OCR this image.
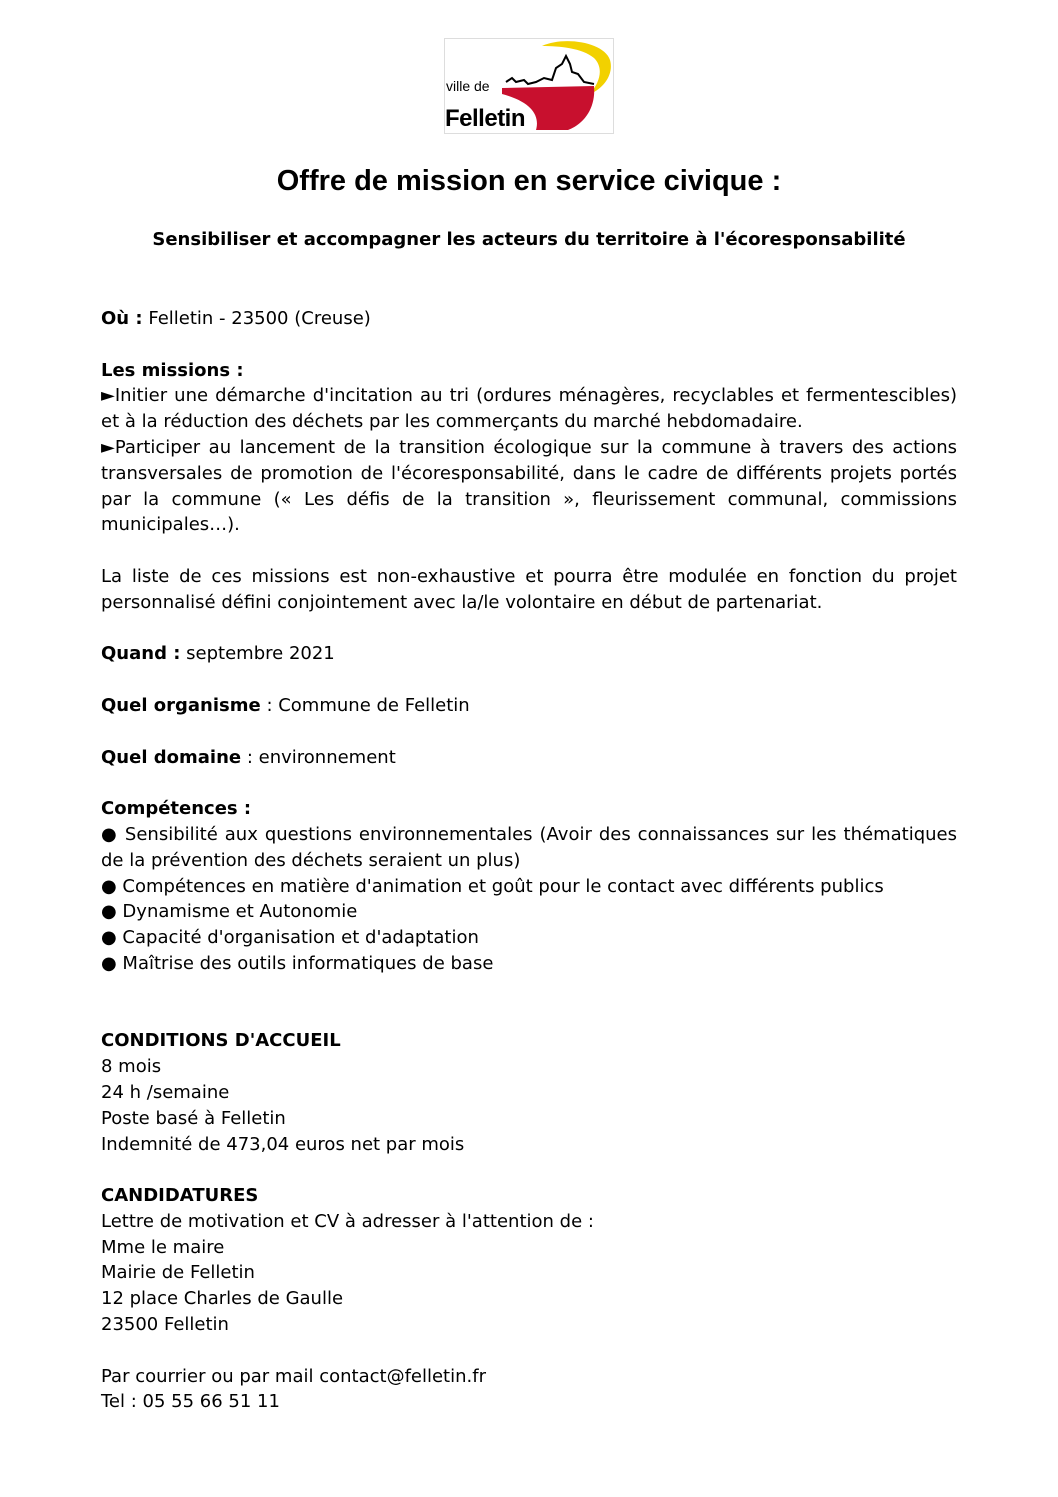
ville de
Felletin
Offre de mission en service civique :
Sensibiliser et accompagner les acteurs du territoire à l'écoresponsabilité

Où : Felletin - 23500 (Creuse)

Les missions :

►Initier une démarche d'incitation au tri (ordures ménagères, recyclables et fermentescibles) et à la réduction des déchets par les commerçants du marché hebdomadaire.

►Participer au lancement de la transition écologique sur la commune à travers des actions transversales de promotion de l'écoresponsabilité, dans le cadre de différents projets portés par la commune (« Les défis de la transition », fleurissement communal, commissions municipales…).

La liste de ces missions est non-exhaustive et pourra être modulée en fonction du projet personnalisé défini conjointement avec la/le volontaire en début de partenariat.

Quand : septembre 2021

Quel organisme : Commune de Felletin

Quel domaine : environnement

Compétences :

● Sensibilité aux questions environnementales (Avoir des connaissances sur les thématiques de la prévention des déchets seraient un plus)

● Compétences en matière d'animation et goût pour le contact avec différents publics

● Dynamisme et Autonomie

● Capacité d'organisation et d'adaptation

● Maîtrise des outils informatiques de base

CONDITIONS D'ACCUEIL

8 mois

24 h /semaine

Poste basé à Felletin

Indemnité de 473,04 euros net par mois

CANDIDATURES

Lettre de motivation et CV à adresser à l'attention de :

Mme le maire

Mairie de Felletin

12 place Charles de Gaulle

23500 Felletin

Par courrier ou par mail contact@felletin.fr

Tel : 05 55 66 51 11
